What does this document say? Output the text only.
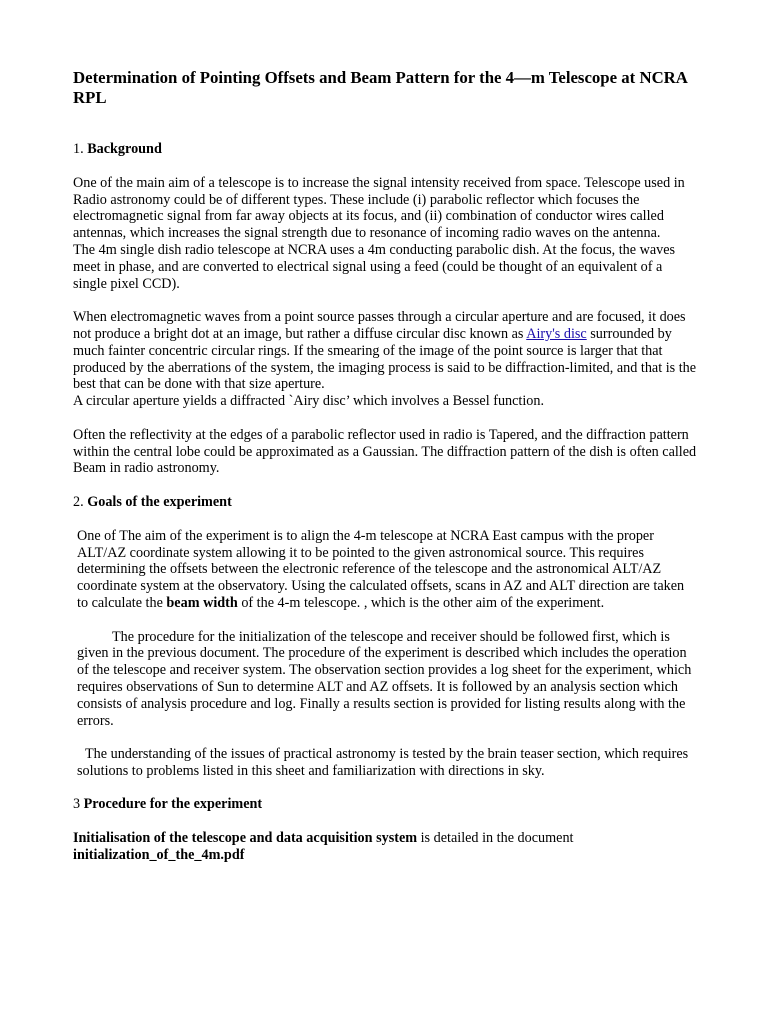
Determination of Pointing Offsets and Beam Pattern for the 4—m Telescope at NCRA RPL
1. Background

One of the main aim of a telescope is to increase the signal intensity received from space. Telescope used in Radio astronomy could be of different types. These include (i) parabolic reflector which focuses the electromagnetic signal from far away objects at its focus, and (ii) combination of conductor wires called antennas, which increases the signal strength due to resonance of incoming radio waves on the antenna.
The 4m single dish radio telescope at NCRA uses a 4m conducting parabolic dish. At the focus, the waves meet in phase, and are converted to electrical signal using a feed (could be thought of an equivalent of a single pixel CCD).

When electromagnetic waves from a point source passes through a circular aperture and are focused, it does not produce a bright dot at an image, but rather a diffuse circular disc known as Airy's disc surrounded by much fainter concentric circular rings. If the smearing of the image of the point source is larger that that produced by the aberrations of the system, the imaging process is said to be diffraction-limited, and that is the best that can be done with that size aperture.
A circular aperture yields a diffracted `Airy disc’ which involves a Bessel function.

Often the reflectivity at the edges of a parabolic reflector used in radio is Tapered, and the diffraction pattern within the central lobe could be approximated as a Gaussian. The diffraction pattern of the dish is often called Beam in radio astronomy.

2. Goals of the experiment

One of The aim of the experiment is to align the 4-m telescope at NCRA East campus with the proper ALT/AZ coordinate system allowing it to be pointed to the given astronomical source. This requires determining the offsets between the electronic reference of the telescope and the astronomical ALT/AZ coordinate system at the observatory. Using the calculated offsets, scans in AZ and ALT direction are taken to calculate the beam width of the 4-m telescope. , which is the other aim of the experiment.

The procedure for the initialization of the telescope and receiver should be followed first, which is given in the previous document. The procedure of the experiment is described which includes the operation of the telescope and receiver system. The observation section provides a log sheet for the experiment, which requires observations of Sun to determine ALT and AZ offsets. It is followed by an analysis section which consists of analysis procedure and log. Finally a results section is provided for listing results along with the errors.

The understanding of the issues of practical astronomy is tested by the brain teaser section, which requires solutions to problems listed in this sheet and familiarization with directions in sky.

3 Procedure for the experiment

Initialisation of the telescope and data acquisition system is detailed in the document
initialization_of_the_4m.pdf
